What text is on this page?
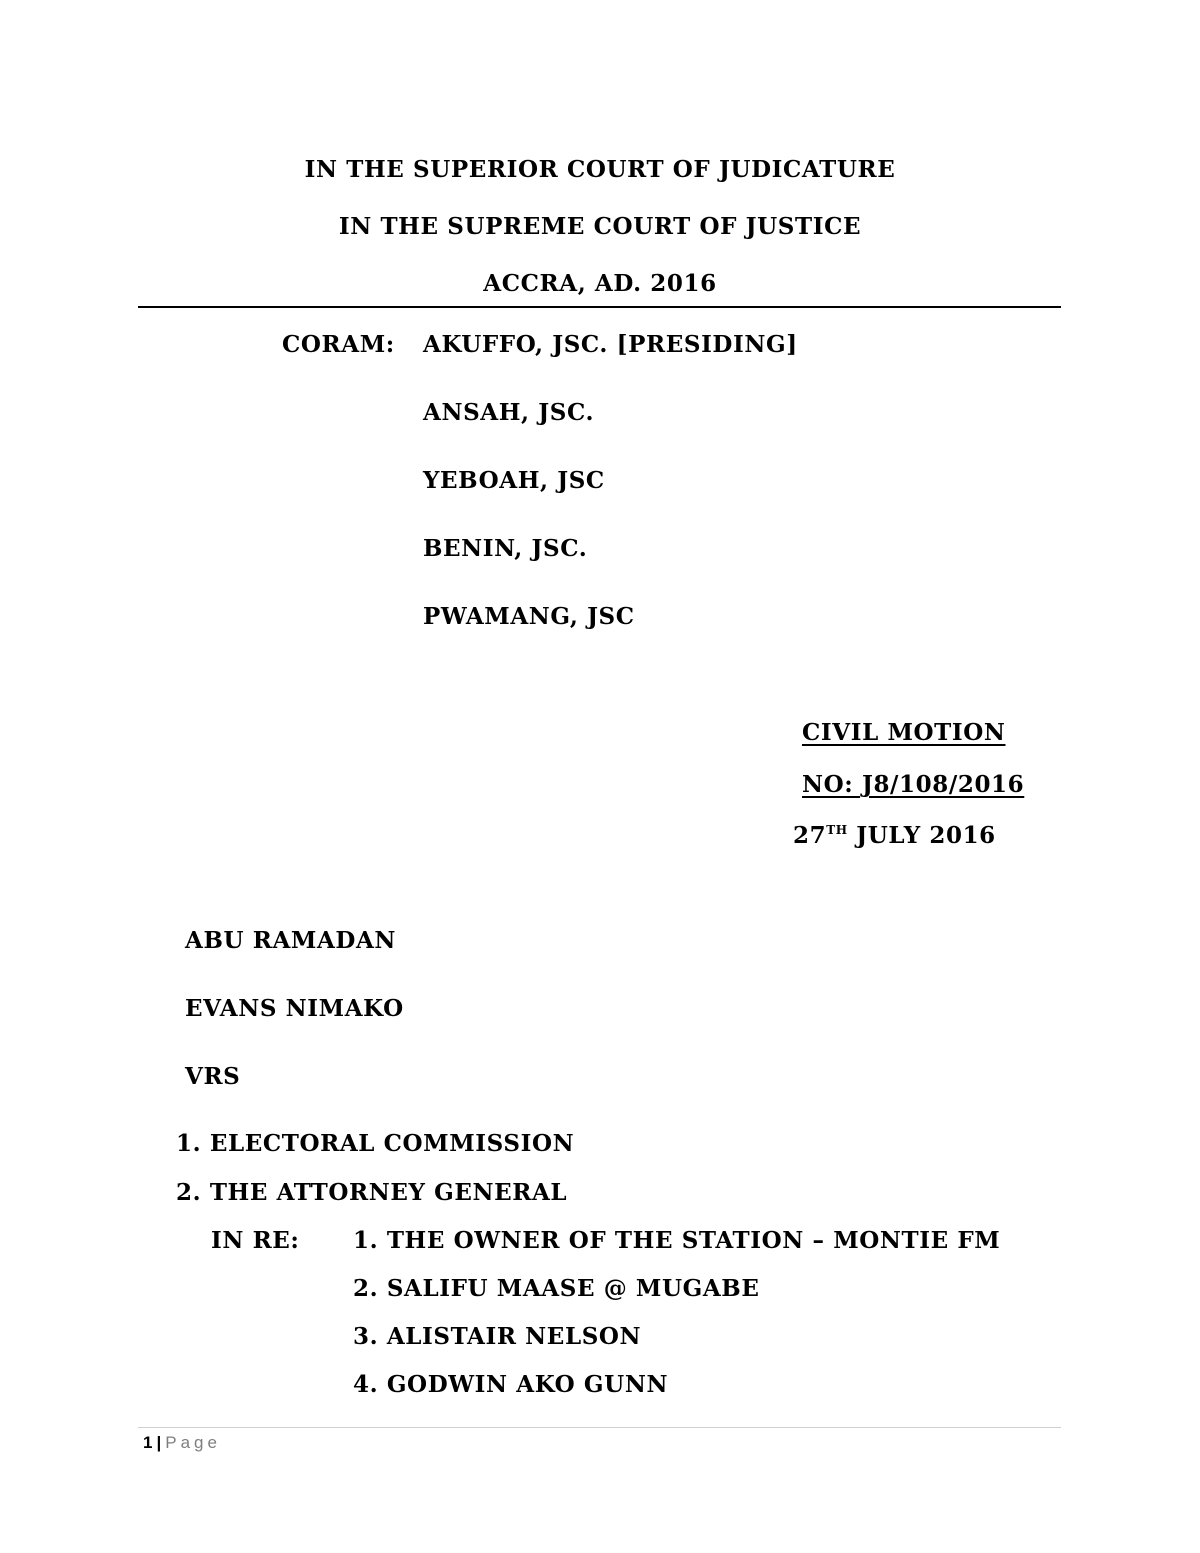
IN THE SUPERIOR COURT OF JUDICATURE
IN THE SUPREME COURT OF JUSTICE
ACCRA, AD. 2016
CORAM: AKUFFO, JSC. [PRESIDING]
ANSAH, JSC.
YEBOAH, JSC
BENIN, JSC.
PWAMANG, JSC
CIVIL MOTION
NO: J8/108/2016
27TH JULY 2016
ABU RAMADAN
EVANS NIMAKO
VRS
1. ELECTORAL COMMISSION
2. THE ATTORNEY GENERAL
IN RE: 1. THE OWNER OF THE STATION – MONTIE FM
2. SALIFU MAASE @ MUGABE
3. ALISTAIR NELSON
4. GODWIN AKO GUNN
1 | Page
